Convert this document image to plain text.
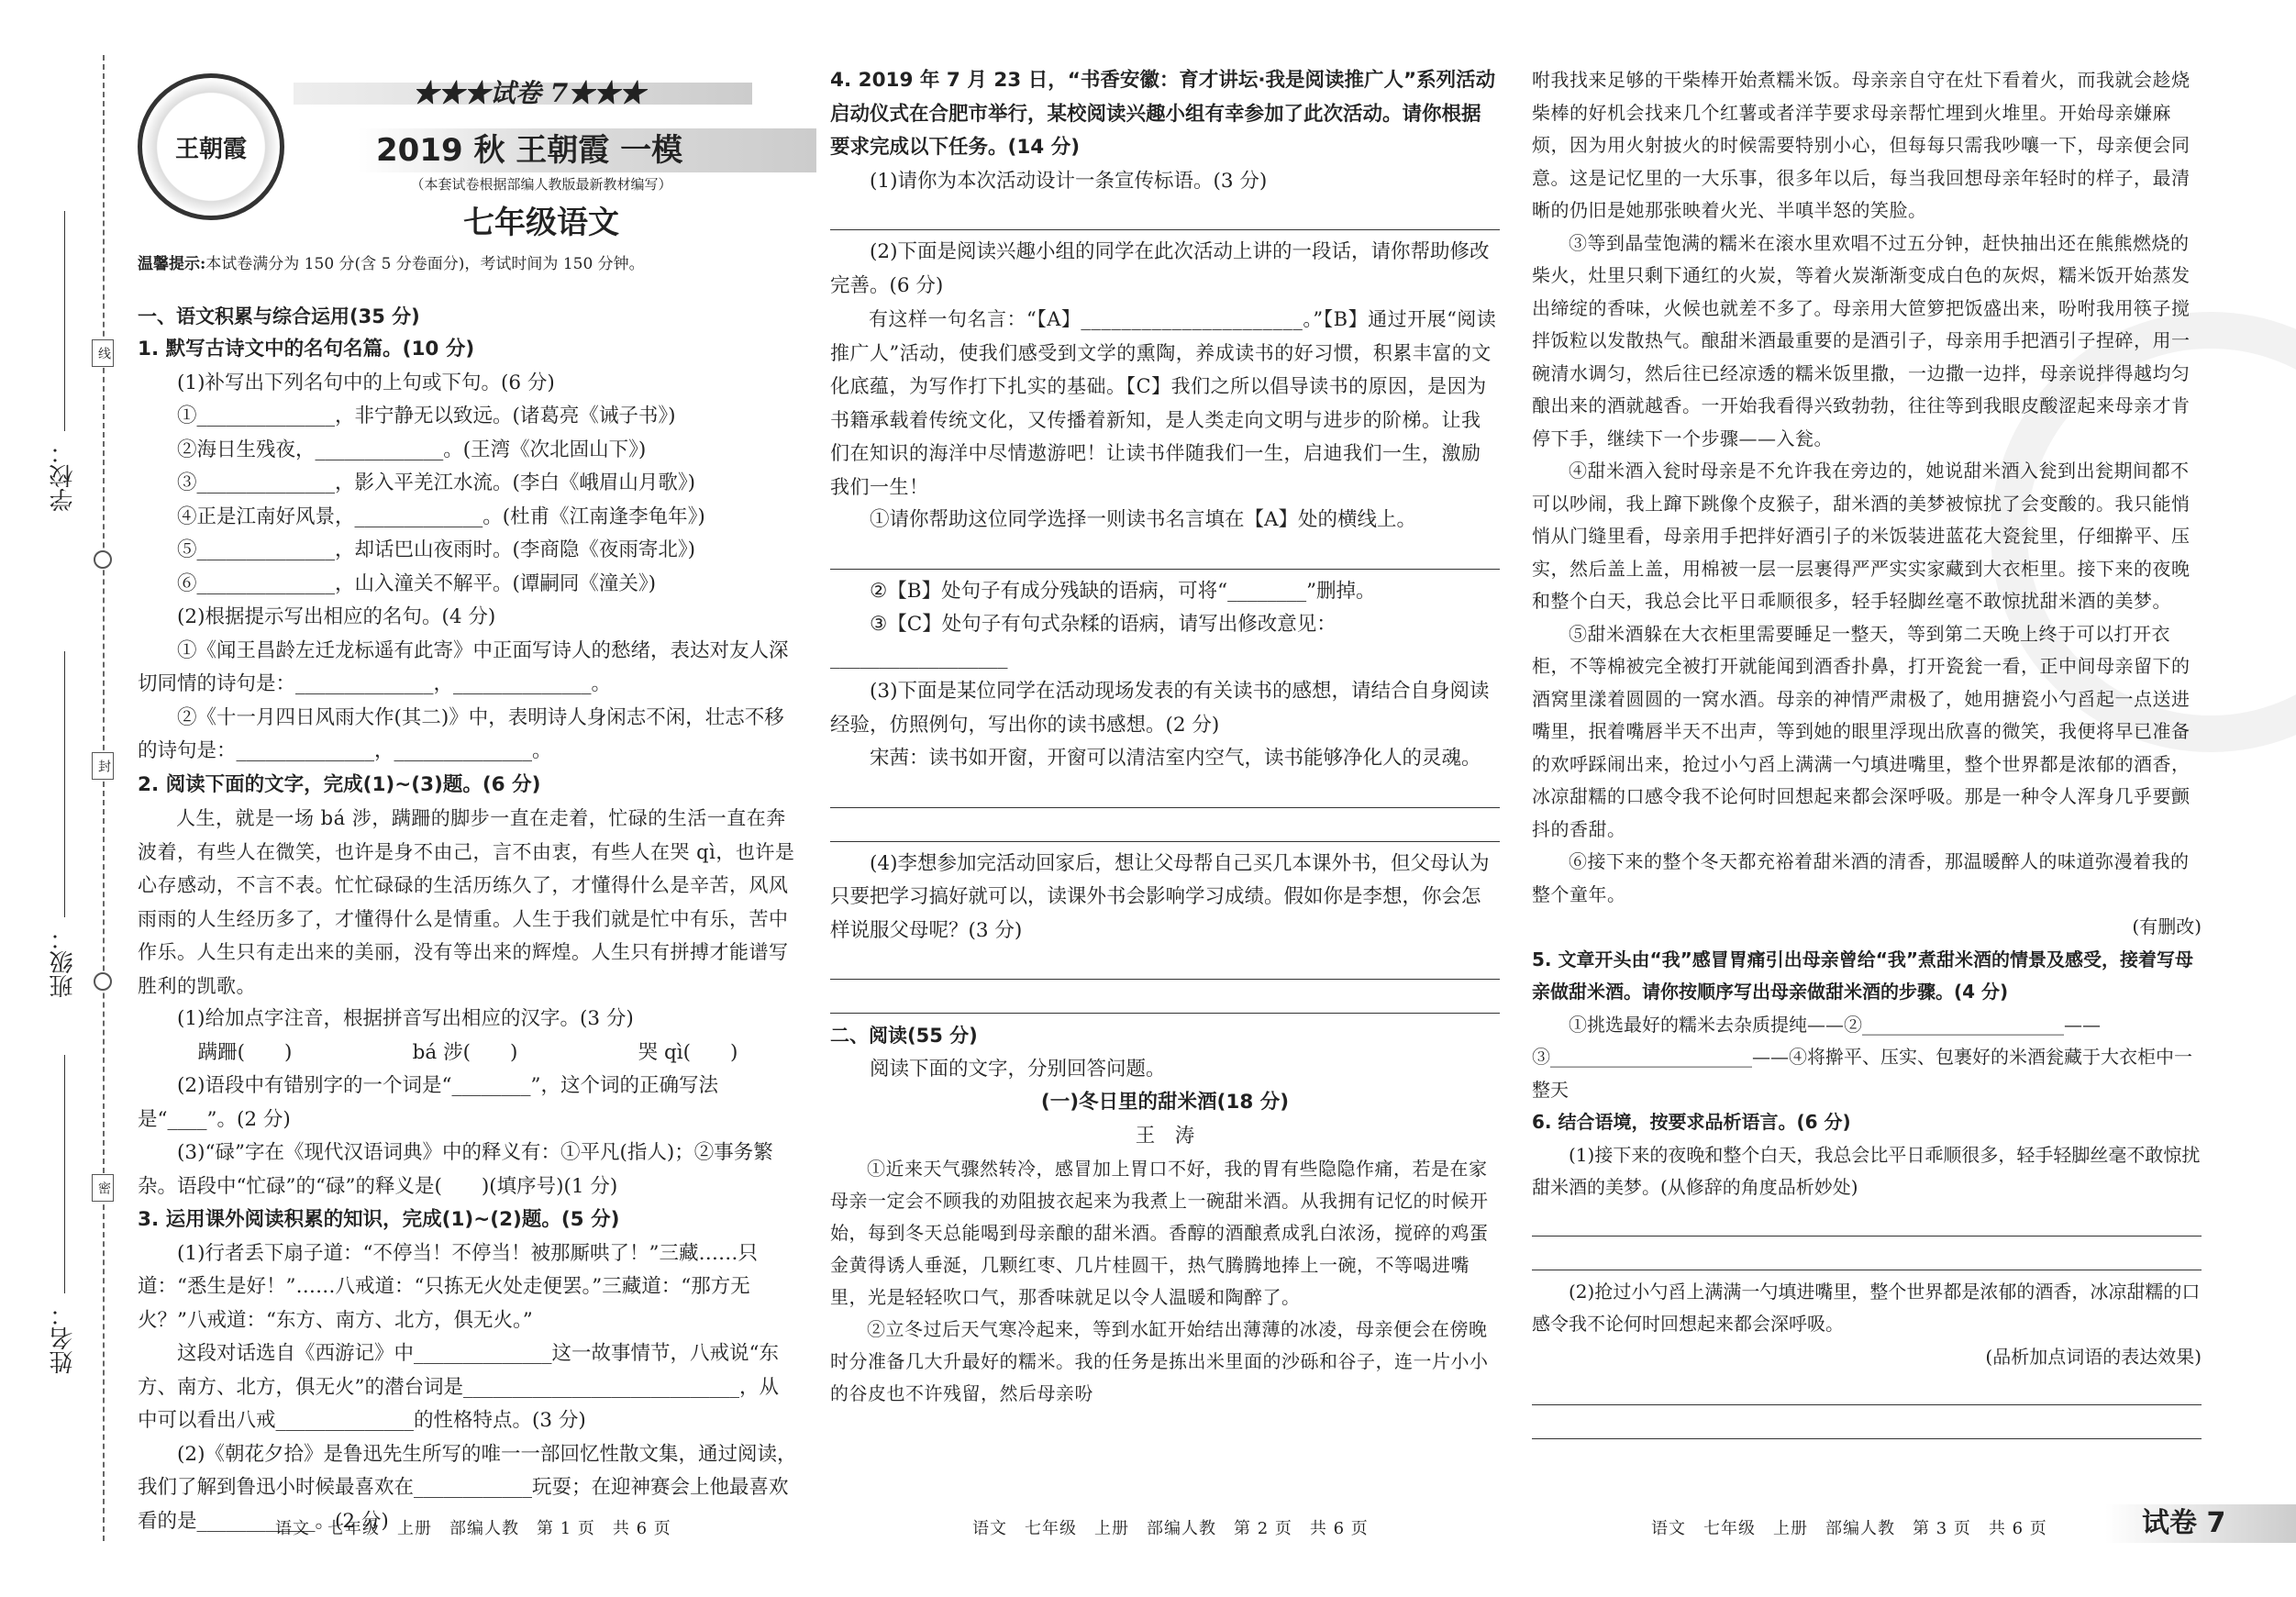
学校：
班级：
姓名：
线
封
密
王朝霞
★★★试卷 7★★★
2019 秋 王朝霞 一模
（本套试卷根据部编人教版最新教材编写）
七年级语文

温馨提示:本试卷满分为 150 分(含 5 分卷面分)，考试时间为 150 分钟。

一、语文积累与综合运用(35 分)

1. 默写古诗文中的名句名篇。(10 分)

(1)补写出下列名句中的上句或下句。(6 分)

①______________，非宁静无以致远。(诸葛亮《诫子书》)

②海日生残夜，_____________。(王湾《次北固山下》)

③______________，影入平羌江水流。(李白《峨眉山月歌》)

④正是江南好风景，_____________。(杜甫《江南逢李龟年》)

⑤______________，却话巴山夜雨时。(李商隐《夜雨寄北》)

⑥______________，山入潼关不解平。(谭嗣同《潼关》)

(2)根据提示写出相应的名句。(4 分)

①《闻王昌龄左迁龙标遥有此寄》中正面写诗人的愁绪，表达对友人深切同情的诗句是：______________，______________。

②《十一月四日风雨大作(其二)》中，表明诗人身闲志不闲，壮志不移的诗句是：______________，______________。

2. 阅读下面的文字，完成(1)~(3)题。(6 分)

人生，就是一场 bá 涉，蹒跚的脚步一直在走着，忙碌的生活一直在奔波着，有些人在微笑，也许是身不由己，言不由衷，有些人在哭 qì，也许是心存感动，不言不表。忙忙碌碌的生活历练久了，才懂得什么是辛苦，风风雨雨的人生经历多了，才懂得什么是情重。人生于我们就是忙中有乐，苦中作乐。人生只有走出来的美丽，没有等出来的辉煌。人生只有拼搏才能谱写胜利的凯歌。

(1)给加点字注音，根据拼音写出相应的汉字。(3 分)

蹒跚(　　)	bá 涉(　　)	哭 qì(　　)

(2)语段中有错别字的一个词是“________”，这个词的正确写法是“____”。(2 分)

(3)“碌”字在《现代汉语词典》中的释义有：①平凡(指人)；②事务繁杂。语段中“忙碌”的“碌”的释义是(　　)(填序号)(1 分)

3. 运用课外阅读积累的知识，完成(1)~(2)题。(5 分)

(1)行者丢下扇子道：“不停当！不停当！被那厮哄了！”三藏……只道：“悉生是好！”……八戒道：“只拣无火处走便罢。”三藏道：“那方无火？”八戒道：“东方、南方、北方，俱无火。”

这段对话选自《西游记》中______________这一故事情节，八戒说“东方、南方、北方，俱无火”的潜台词是____________________________，从中可以看出八戒______________的性格特点。(3 分)

(2)《朝花夕拾》是鲁迅先生所写的唯一一部回忆性散文集，通过阅读，我们了解到鲁迅小时候最喜欢在____________玩耍；在迎神赛会上他最喜欢看的是____________。(2 分)

4. 2019 年 7 月 23 日，“书香安徽：育才讲坛·我是阅读推广人”系列活动启动仪式在合肥市举行，某校阅读兴趣小组有幸参加了此次活动。请你根据要求完成以下任务。(14 分)

(1)请你为本次活动设计一条宣传标语。(3 分)

(2)下面是阅读兴趣小组的同学在此次活动上讲的一段话，请你帮助修改完善。(6 分)

有这样一句名言：“【A】______________________。”【B】通过开展“阅读推广人”活动，使我们感受到文学的熏陶，养成读书的好习惯，积累丰富的文化底蕴，为写作打下扎实的基础。【C】我们之所以倡导读书的原因，是因为书籍承载着传统文化，又传播着新知，是人类走向文明与进步的阶梯。让我们在知识的海洋中尽情遨游吧！让读书伴随我们一生，启迪我们一生，激励我们一生！

①请你帮助这位同学选择一则读书名言填在【A】处的横线上。

②【B】处句子有成分残缺的语病，可将“________”删掉。

③【C】处句子有句式杂糅的语病，请写出修改意见：__________________

(3)下面是某位同学在活动现场发表的有关读书的感想，请结合自身阅读经验，仿照例句，写出你的读书感想。(2 分)

宋茜：读书如开窗，开窗可以清洁室内空气，读书能够净化人的灵魂。

(4)李想参加完活动回家后，想让父母帮自己买几本课外书，但父母认为只要把学习搞好就可以，读课外书会影响学习成绩。假如你是李想，你会怎样说服父母呢？(3 分)

二、阅读(55 分)

阅读下面的文字，分别回答问题。

(一)冬日里的甜米酒(18 分)

王　涛

①近来天气骤然转冷，感冒加上胃口不好，我的胃有些隐隐作痛，若是在家母亲一定会不顾我的劝阻披衣起来为我煮上一碗甜米酒。从我拥有记忆的时候开始，每到冬天总能喝到母亲酿的甜米酒。香醇的酒酿煮成乳白浓汤，搅碎的鸡蛋金黄得诱人垂涎，几颗红枣、几片桂圆干，热气腾腾地捧上一碗，不等喝进嘴里，光是轻轻吹口气，那香味就足以令人温暖和陶醉了。

②立冬过后天气寒冷起来，等到水缸开始结出薄薄的冰凌，母亲便会在傍晚时分准备几大升最好的糯米。我的任务是拣出米里面的沙砾和谷子，连一片小小的谷皮也不许残留，然后母亲吩

咐我找来足够的干柴棒开始煮糯米饭。母亲亲自守在灶下看着火，而我就会趁烧柴棒的好机会找来几个红薯或者洋芋要求母亲帮忙埋到火堆里。开始母亲嫌麻烦，因为用火射披火的时候需要特别小心，但每每只需我吵嚷一下，母亲便会同意。这是记忆里的一大乐事，很多年以后，每当我回想母亲年轻时的样子，最清晰的仍旧是她那张映着火光、半嗔半怒的笑脸。

③等到晶莹饱满的糯米在滚水里欢唱不过五分钟，赶快抽出还在熊熊燃烧的柴火，灶里只剩下通红的火炭，等着火炭渐渐变成白色的灰烬，糯米饭开始蒸发出缔绽的香味，火候也就差不多了。母亲用大笸箩把饭盛出来，吩咐我用筷子搅拌饭粒以发散热气。酿甜米酒最重要的是酒引子，母亲用手把酒引子捏碎，用一碗清水调匀，然后往已经凉透的糯米饭里撒，一边撒一边拌，母亲说拌得越均匀酿出来的酒就越香。一开始我看得兴致勃勃，往往等到我眼皮酸涩起来母亲才肯停下手，继续下一个步骤——入瓮。

④甜米酒入瓮时母亲是不允许我在旁边的，她说甜米酒入瓮到出瓮期间都不可以吵闹，我上蹿下跳像个皮猴子，甜米酒的美梦被惊扰了会变酸的。我只能悄悄从门缝里看，母亲用手把拌好酒引子的米饭装进蓝花大瓷瓮里，仔细擀平、压实，然后盖上盖，用棉被一层一层裹得严严实实家藏到大衣柜里。接下来的夜晚和整个白天，我总会比平日乖顺很多，轻手轻脚丝毫不敢惊扰甜米酒的美梦。

⑤甜米酒躲在大衣柜里需要睡足一整天，等到第二天晚上终于可以打开衣柜，不等棉被完全被打开就能闻到酒香扑鼻，打开瓷瓮一看，正中间母亲留下的酒窝里漾着圆圆的一窝水酒。母亲的神情严肃极了，她用搪瓷小勺舀起一点送进嘴里，抿着嘴唇半天不出声，等到她的眼里浮现出欣喜的微笑，我便将早已准备的欢呼踩闹出来，抢过小勺舀上满满一勺填进嘴里，整个世界都是浓郁的酒香，冰凉甜糯的口感令我不论何时回想起来都会深呼吸。那是一种令人浑身几乎要颤抖的香甜。

⑥接下来的整个冬天都充裕着甜米酒的清香，那温暖醉人的味道弥漫着我的整个童年。

(有删改)

5. 文章开头由“我”感冒胃痛引出母亲曾给“我”煮甜米酒的情景及感受，接着写母亲做甜米酒。请你按顺序写出母亲做甜米酒的步骤。(4 分)

①挑选最好的糯米去杂质提纯——②______________________——

③______________________——④将擀平、压实、包裹好的米酒瓮藏于大衣柜中一整天

6. 结合语境，按要求品析语言。(6 分)

(1)接下来的夜晚和整个白天，我总会比平日乖顺很多，轻手轻脚丝毫不敢惊扰甜米酒的美梦。(从修辞的角度品析妙处)

(2)抢过小勺舀上满满一勺填进嘴里，整个世界都是浓郁的酒香，冰凉甜糯的口感令我不论何时回想起来都会深呼吸。

(品析加点词语的表达效果)

语文　七年级　上册　部编人教　第 1 页　共 6 页	语文　七年级　上册　部编人教　第 2 页　共 6 页	语文　七年级　上册　部编人教　第 3 页　共 6 页	试卷 7
